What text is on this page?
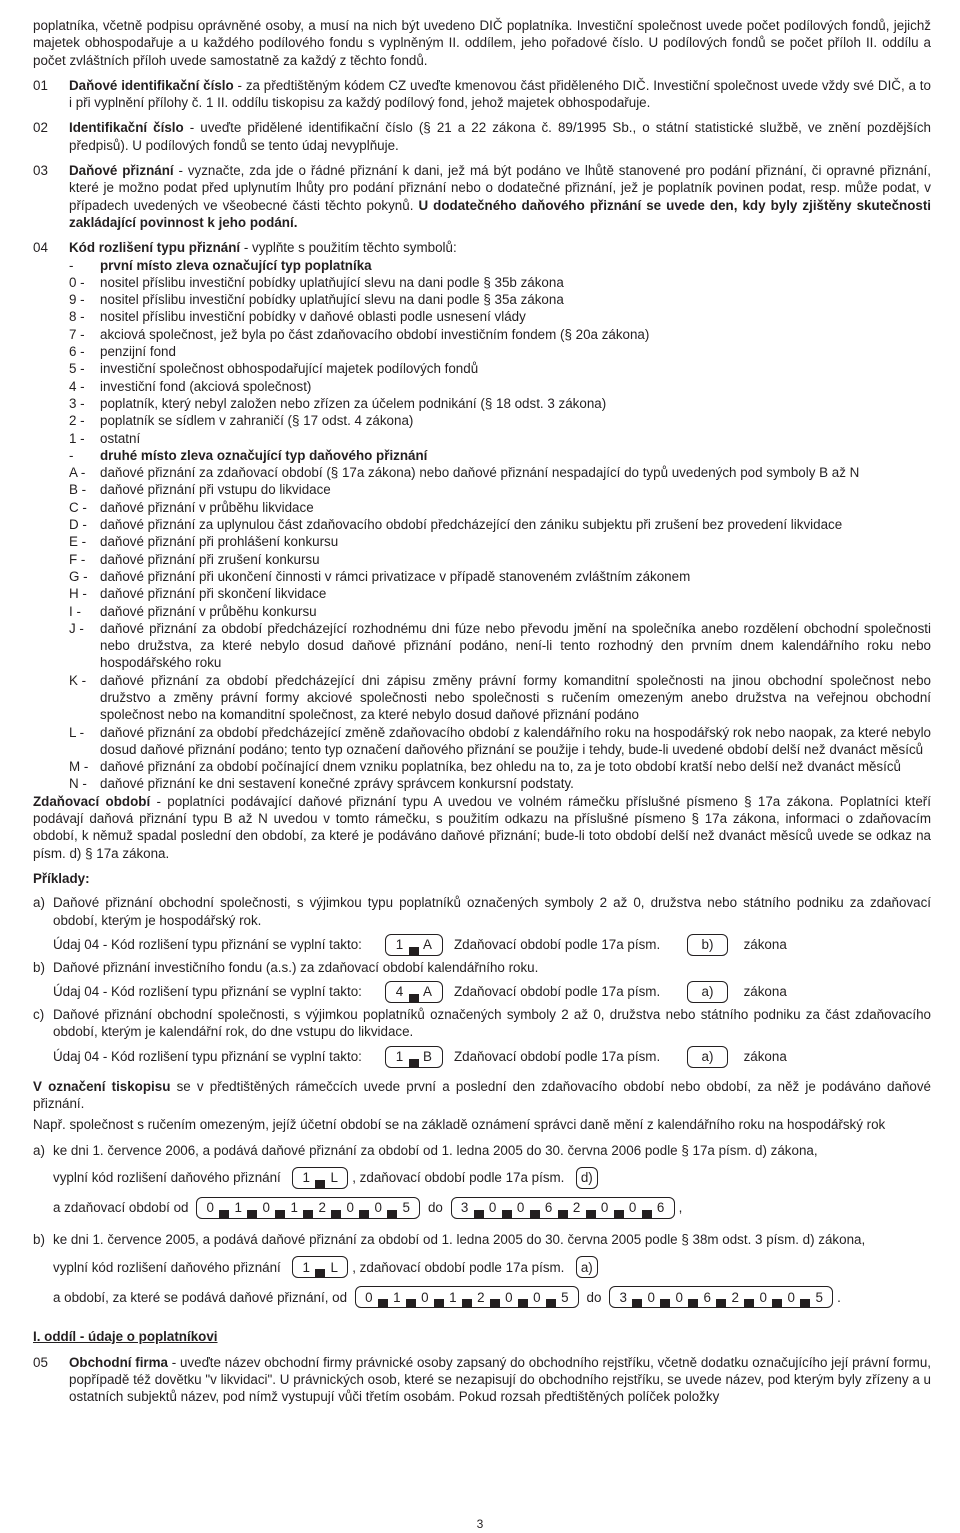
poplatníka, včetně podpisu oprávněné osoby, a musí na nich být uvedeno DIČ poplatníka. Investiční společnost uvede počet podílových fondů, jejichž majetek obhospodařuje a u každého podílového fondu s vyplněným II. oddílem, jeho pořadové číslo. U podílových fondů se počet příloh II. oddílu a počet zvláštních příloh uvede samostatně za každý z těchto fondů.

01	Daňové identifikační číslo - za předtištěným kódem CZ uveďte kmenovou část přiděleného DIČ. Investiční společnost uvede vždy své DIČ, a to i při vyplnění přílohy č. 1 II. oddílu tiskopisu za každý podílový fond, jehož majetek obhospodařuje.
02	Identifikační číslo - uveďte přidělené identifikační číslo (§ 21 a 22 zákona č. 89/1995 Sb., o státní statistické službě, ve znění pozdějších předpisů). U podílových fondů se tento údaj nevyplňuje.
03	Daňové přiznání - vyznačte, zda jde o řádné přiznání k dani, jež má být podáno ve lhůtě stanovené pro podání přiznání, či opravné přiznání, které je možno podat před uplynutím lhůty pro podání přiznání nebo o dodatečné přiznání, jež je poplatník povinen podat, resp. může podat, v případech uvedených ve všeobecné části těchto pokynů. U dodatečného daňového přiznání se uvede den, kdy byly zjištěny skutečnosti zakládající povinnost k jeho podání.
04	Kód rozlišení typu přiznání - vyplňte s použitím těchto symbolů:
-	první místo zleva označující typ poplatníka
0 -	nositel příslibu investiční pobídky uplatňující slevu na dani podle § 35b zákona
9 -	nositel příslibu investiční pobídky uplatňující slevu na dani podle § 35a zákona
8 -	nositel příslibu investiční pobídky v daňové oblasti podle usnesení vlády
7 -	akciová společnost, jež byla po část zdaňovacího období investičním fondem (§ 20a zákona)
6 -	penzijní fond
5 -	investiční společnost obhospodařující majetek podílových fondů
4 -	investiční fond (akciová společnost)
3 -	poplatník, který nebyl založen nebo zřízen za účelem podnikání (§ 18 odst. 3 zákona)
2 -	poplatník se sídlem v zahraničí (§ 17 odst. 4 zákona)
1 -	ostatní
-	druhé místo zleva označující typ daňového přiznání
A -	daňové přiznání za zdaňovací období (§ 17a zákona) nebo daňové přiznání nespadající do typů uvedených pod symboly B až N
B -	daňové přiznání při vstupu do likvidace
C - daňové přiznání v průběhu likvidace
D - daňové přiznání za uplynulou část zdaňovacího období předcházející den zániku subjektu při zrušení bez provedení likvidace
E -	daňové přiznání při prohlášení konkursu
F -	daňové přiznání při zrušení konkursu
G - daňové přiznání při ukončení činnosti v rámci privatizace v případě stanoveném zvláštním zákonem
H - daňové přiznání při skončení likvidace
I -	daňové přiznání v průběhu konkursu
J -	daňové přiznání za období předcházející rozhodnému dni fúze nebo převodu jmění na společníka anebo rozdělení obchodní společnosti nebo družstva, za které nebylo dosud daňové přiznání podáno, není-li tento rozhodný den prvním dnem kalendářního roku nebo hospodářského roku
K -	daňové přiznání za období předcházející dni zápisu změny právní formy komanditní společnosti na jinou obchodní společnost nebo družstvo a změny právní formy akciové společnosti nebo společnosti s ručením omezeným anebo družstva na veřejnou obchodní společnost nebo na komanditní společnost, za které nebylo dosud daňové přiznání podáno
L -	daňové přiznání za období předcházející změně zdaňovacího období z kalendářního roku na hospodářský rok nebo naopak, za které nebylo dosud daňové přiznání podáno; tento typ označení daňového přiznání se použije i tehdy, bude-li uvedené období delší než dvanáct měsíců
M - daňové přiznání za období počínající dnem vzniku poplatníka, bez ohledu na to, za je toto období kratší nebo delší než dvanáct měsíců
N - daňové přiznání ke dni sestavení konečné zprávy správcem konkursní podstaty.

Zdaňovací období - poplatníci podávající daňové přiznání typu A uvedou ve volném rámečku příslušné písmeno § 17a zákona. Poplatníci kteří podávají daňová přiznání typu B až N uvedou v tomto rámečku, s použitím odkazu na příslušné písmeno § 17a zákona, informaci o zdaňovacím období, k němuž spadal poslední den období, za které je podáváno daňové přiznání; bude-li toto období delší než dvanáct měsíců uvede se odkaz na písm. d) § 17a zákona.

Příklady:

a) Daňové přiznání obchodní společnosti, s výjimkou typu poplatníků označených symboly 2 až 0, družstva nebo státního podniku za zdaňovací období, kterým je hospodářský rok.

Údaj 04 - Kód rozlišení typu přiznání se vyplní takto:
	1 A
Zdaňovací období podle 17a písm.
	b)
zákona
b) Daňové přiznání investičního fondu (a.s.) za zdaňovací období kalendářního roku.

Údaj 04 - Kód rozlišení typu přiznání se vyplní takto:
	4 A
Zdaňovací období podle 17a písm.
	a)
zákona
c) Daňové přiznání obchodní společnosti, s výjimkou poplatníků označených symboly 2 až 0, družstva nebo státního podniku za část zdaňovacího období, kterým je kalendářní rok, do dne vstupu do likvidace.

Údaj 04 - Kód rozlišení typu přiznání se vyplní takto:
	1 B
Zdaňovací období podle 17a písm.
	a)
zákona

V označení tiskopisu se v předtištěných rámečcích uvede první a poslední den zdaňovacího období nebo období, za něž je podáváno daňové přiznání.

Např. společnost s ručením omezeným, jejíž účetní období se na základě oznámení správci daně mění z kalendářního roku na hospodářský rok

a) ke dni 1. července 2006, a podává daňové přiznání za období od 1. ledna 2005 do 30. června 2006 podle § 17a písm. d) zákona,

vyplní kód rozlišení daňového přiznání
1 L , zdaňovací období podle 17a písm.
d)
a zdaňovací období od
0 1 0 1 2 0 0 5
do
3 0 0 6 2 0 0 6 ,
b) ke dni 1. července 2005, a podává daňové přiznání za období od 1. ledna 2005 do 30. června 2005 podle § 38m odst. 3 písm. d) zákona,

vyplní kód rozlišení daňového přiznání
1 L , zdaňovací období podle 17a písm.
a)
a období, za které se podává daňové přiznání, od
0 1 0 1 2 0 0 5
do
3 0 0 6 2 0 0 5 .

I. oddíl - údaje o poplatníkovi

05	Obchodní firma - uveďte název obchodní firmy právnické osoby zapsaný do obchodního rejstříku, včetně dodatku označujícího její právní formu, popřípadě též dovětku "v likvidaci". U právnických osob, které se nezapisují do obchodního rejstříku, se uvede název, pod kterým byly zřízeny a u ostatních subjektů název, pod nímž vystupují vůči třetím osobám. Pokud rozsah předtištěných políček položky
3
